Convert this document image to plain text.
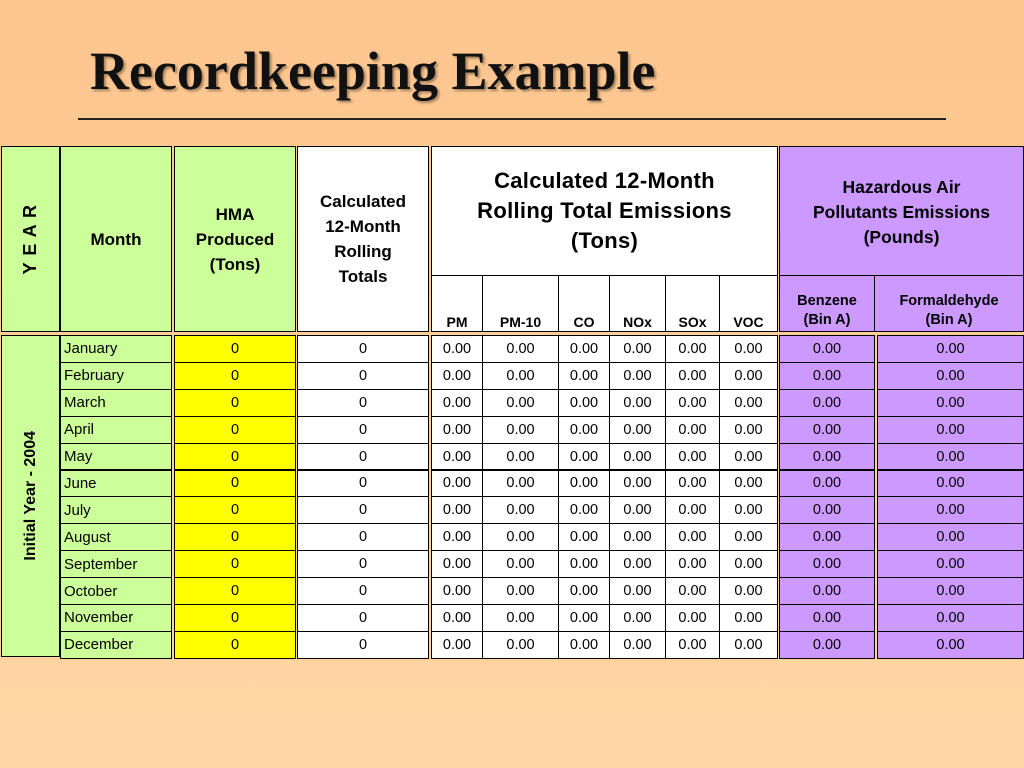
Recordkeeping Example
Y E A R	Month
HMA
Produced
(Tons)
Calculated
12-Month
Rolling
Totals
Calculated 12-Month
Rolling Total Emissions
(Tons)
Hazardous Air
Pollutants Emissions
(Pounds)
PM PM-10 CO NOx SOx VOC
Benzene
(Bin A)
Formaldehyde
(Bin A)
Initial Year - 2004
January	0	0	0.00	0.00	0.00	0.00	0.00	0.00	0.00	0.00
February	0	0	0.00	0.00	0.00	0.00	0.00	0.00	0.00	0.00
March	0	0	0.00	0.00	0.00	0.00	0.00	0.00	0.00	0.00
April	0	0	0.00	0.00	0.00	0.00	0.00	0.00	0.00	0.00
May	0	0	0.00	0.00	0.00	0.00	0.00	0.00	0.00	0.00
June	0	0	0.00	0.00	0.00	0.00	0.00	0.00	0.00	0.00
July	0	0	0.00	0.00	0.00	0.00	0.00	0.00	0.00	0.00
August	0	0	0.00	0.00	0.00	0.00	0.00	0.00	0.00	0.00
September	0	0	0.00	0.00	0.00	0.00	0.00	0.00	0.00	0.00
October	0	0	0.00	0.00	0.00	0.00	0.00	0.00	0.00	0.00
November	0	0	0.00	0.00	0.00	0.00	0.00	0.00	0.00	0.00
December	0	0	0.00	0.00	0.00	0.00	0.00	0.00	0.00	0.00
